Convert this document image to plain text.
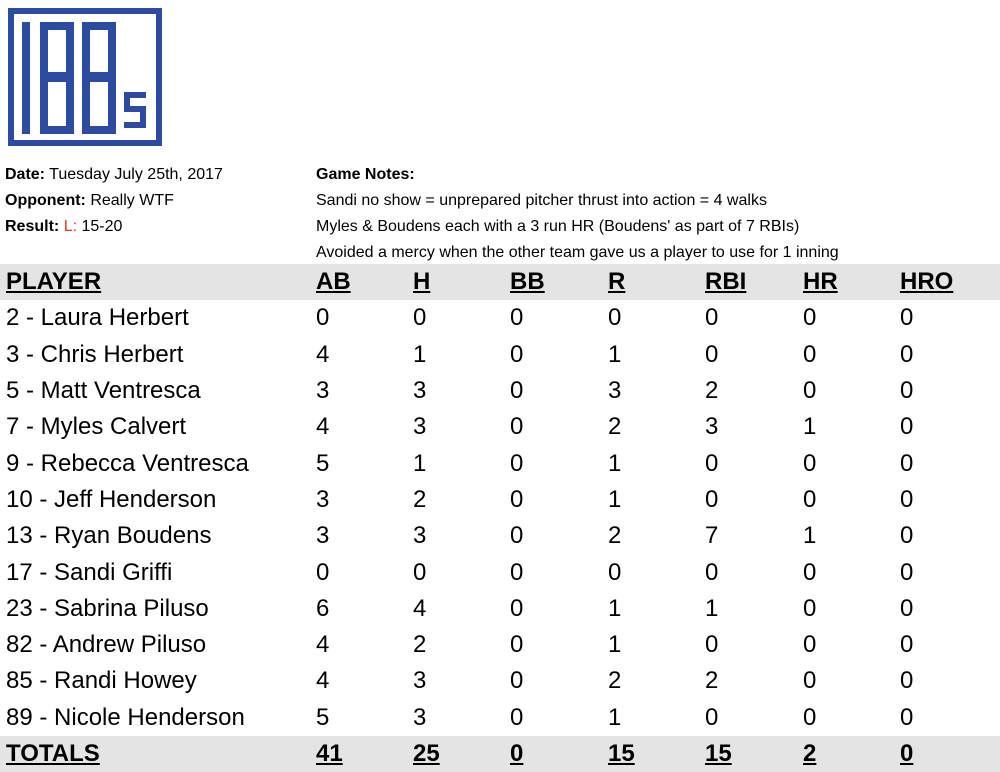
Date: Tuesday July 25th, 2017
Opponent: Really WTF
Result: L: 15-20
Game Notes:
Sandi no show = unprepared pitcher thrust into action = 4 walks
Myles & Boudens each with a 3 run HR (Boudens' as part of 7 RBIs)
Avoided a mercy when the other team gave us a player to use for 1 inning
PLAYER	AB	H	BB	R	RBI	HR	HRO
2 - Laura Herbert	0	0	0	0	0	0	0
3 - Chris Herbert	4	1	0	1	0	0	0
5 - Matt Ventresca	3	3	0	3	2	0	0
7 - Myles Calvert	4	3	0	2	3	1	0
9 - Rebecca Ventresca	5	1	0	1	0	0	0
10 - Jeff Henderson	3	2	0	1	0	0	0
13 - Ryan Boudens	3	3	0	2	7	1	0
17 - Sandi Griffi	0	0	0	0	0	0	0
23 - Sabrina Piluso	6	4	0	1	1	0	0
82 - Andrew Piluso	4	2	0	1	0	0	0
85 - Randi Howey	4	3	0	2	2	0	0
89 - Nicole Henderson	5	3	0	1	0	0	0
TOTALS	41	25	0	15	15	2	0
